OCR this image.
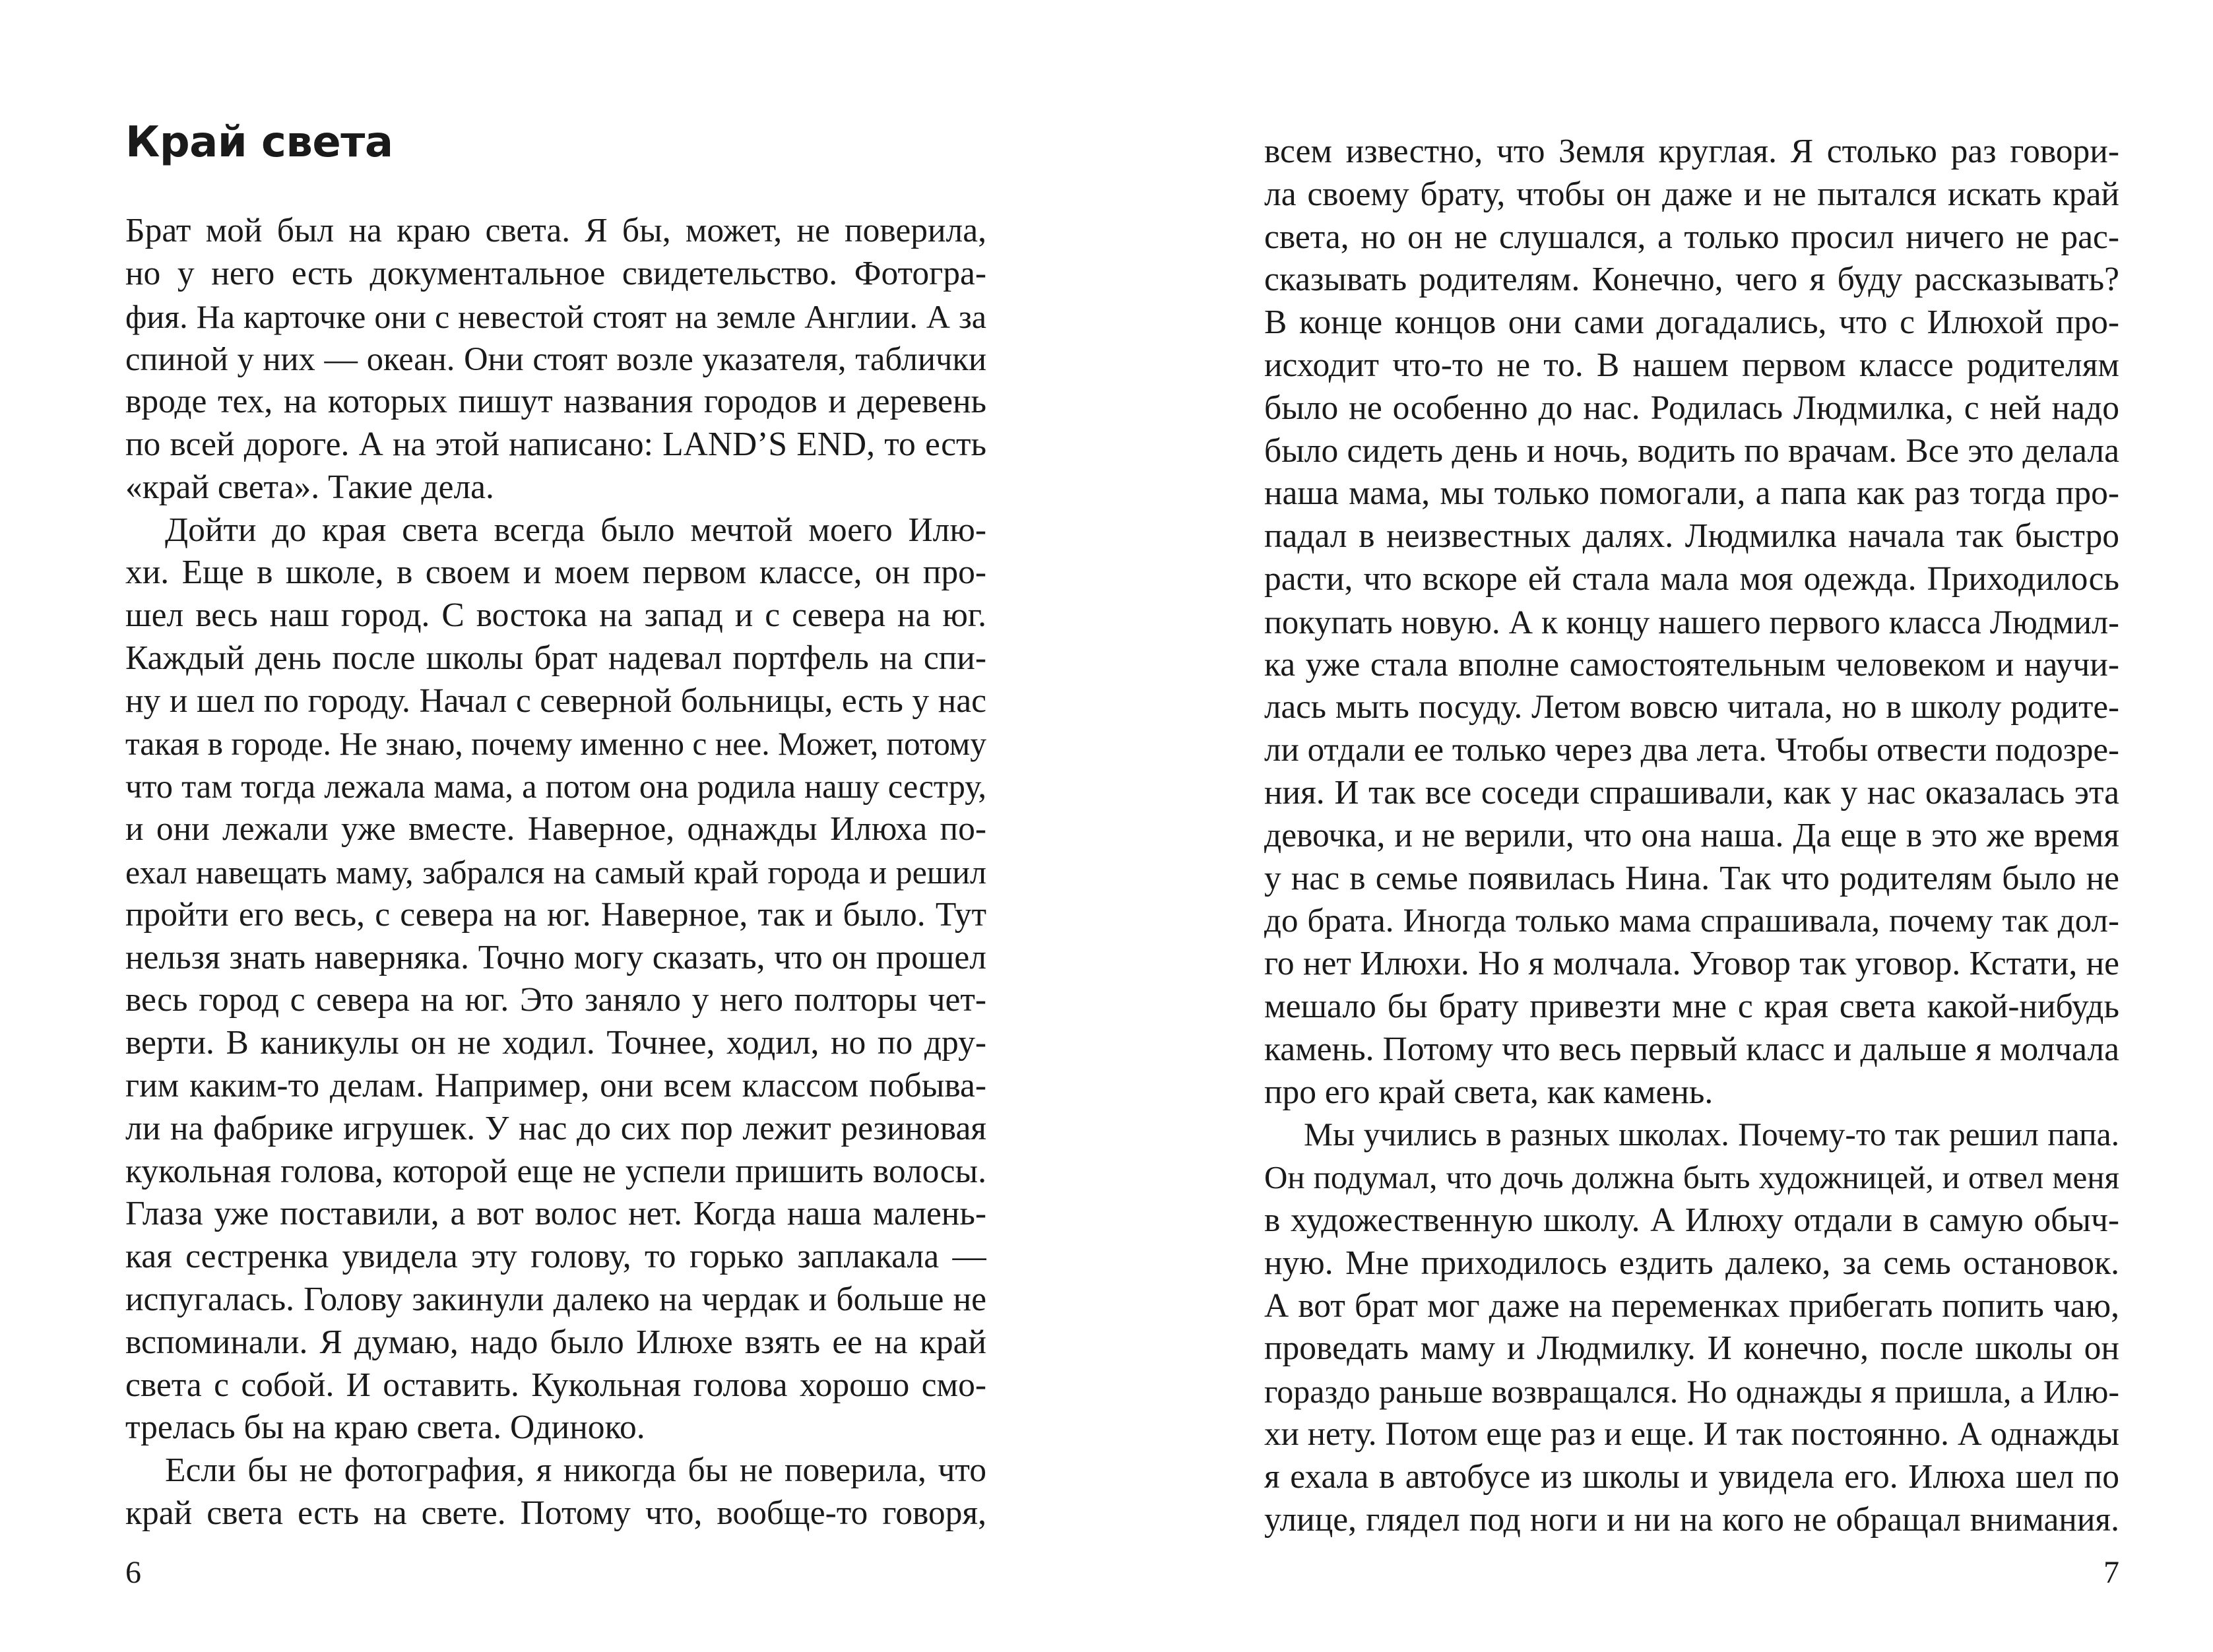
Край света
Брат мой был на краю света. Я бы, может, не поверила,
но у него есть документальное свидетельство. Фотогра-
фия. На карточке они с невестой стоят на земле Англии. А за
спиной у них — океан. Они стоят возле указателя, таблички
вроде тех, на которых пишут названия городов и деревень
по всей дороге. А на этой написано: LAND’S END, то есть
«край света». Такие дела.
Дойти до края света всегда было мечтой моего Илю-
хи. Еще в школе, в своем и моем первом классе, он про-
шел весь наш город. С востока на запад и с севера на юг.
Каждый день после школы брат надевал портфель на спи-
ну и шел по городу. Начал с северной больницы, есть у нас
такая в городе. Не знаю, почему именно с нее. Может, потому
что там тогда лежала мама, а потом она родила нашу сестру,
и они лежали уже вместе. Наверное, однажды Илюха по-
ехал навещать маму, забрался на самый край города и решил
пройти его весь, с севера на юг. Наверное, так и было. Тут
нельзя знать наверняка. Точно могу сказать, что он прошел
весь город с севера на юг. Это заняло у него полторы чет-
верти. В каникулы он не ходил. Точнее, ходил, но по дру-
гим каким-то делам. Например, они всем классом побыва-
ли на фабрике игрушек. У нас до сих пор лежит резиновая
кукольная голова, которой еще не успели пришить волосы.
Глаза уже поставили, а вот волос нет. Когда наша малень-
кая сестренка увидела эту голову, то горько заплакала —
испугалась. Голову закинули далеко на чердак и больше не
вспоминали. Я думаю, надо было Илюхе взять ее на край
света с собой. И оставить. Кукольная голова хорошо смо-
трелась бы на краю света. Одиноко.
Если бы не фотография, я никогда бы не поверила, что
край света есть на свете. Потому что, вообще-то говоря,
6
всем известно, что Земля круглая. Я столько раз говори-
ла своему брату, чтобы он даже и не пытался искать край
света, но он не слушался, а только просил ничего не рас-
сказывать родителям. Конечно, чего я буду рассказывать?
В конце концов они сами догадались, что с Илюхой про-
исходит что-то не то. В нашем первом классе родителям
было не особенно до нас. Родилась Людмилка, с ней надо
было сидеть день и ночь, водить по врачам. Все это делала
наша мама, мы только помогали, а папа как раз тогда про-
падал в неизвестных далях. Людмилка начала так быстро
расти, что вскоре ей стала мала моя одежда. Приходилось
покупать новую. А к концу нашего первого класса Людмил-
ка уже стала вполне самостоятельным человеком и научи-
лась мыть посуду. Летом вовсю читала, но в школу родите-
ли отдали ее только через два лета. Чтобы отвести подозре-
ния. И так все соседи спрашивали, как у нас оказалась эта
девочка, и не верили, что она наша. Да еще в это же время
у нас в семье появилась Нина. Так что родителям было не
до брата. Иногда только мама спрашивала, почему так дол-
го нет Илюхи. Но я молчала. Уговор так уговор. Кстати, не
мешало бы брату привезти мне с края света какой-нибудь
камень. Потому что весь первый класс и дальше я молчала
про его край света, как камень.
Мы учились в разных школах. Почему-то так решил папа.
Он подумал, что дочь должна быть художницей, и отвел меня
в художественную школу. А Илюху отдали в самую обыч-
ную. Мне приходилось ездить далеко, за семь остановок.
А вот брат мог даже на переменках прибегать попить чаю,
проведать маму и Людмилку. И конечно, после школы он
гораздо раньше возвращался. Но однажды я пришла, а Илю-
хи нету. Потом еще раз и еще. И так постоянно. А однажды
я ехала в автобусе из школы и увидела его. Илюха шел по
улице, глядел под ноги и ни на кого не обращал внимания.
7
